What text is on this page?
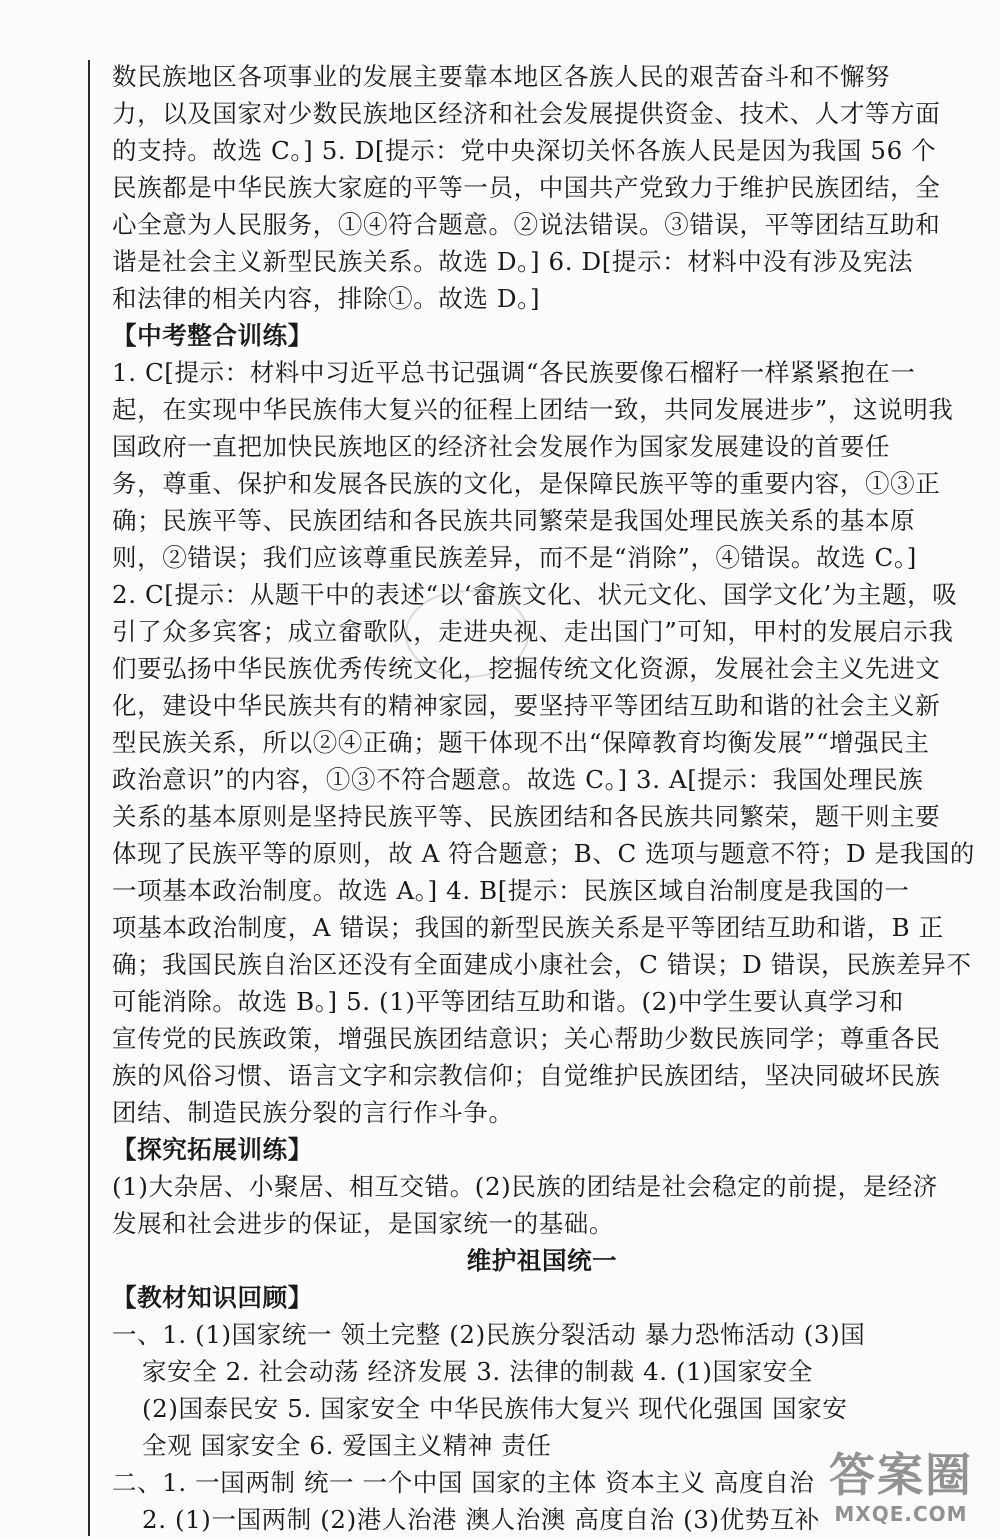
数民族地区各项事业的发展主要靠本地区各族人民的艰苦奋斗和不懈努
力，以及国家对少数民族地区经济和社会发展提供资金、技术、人才等方面
的支持。故选 C。] 5. D[提示：党中央深切关怀各族人民是因为我国 56 个
民族都是中华民族大家庭的平等一员，中国共产党致力于维护民族团结，全
心全意为人民服务，①④符合题意。②说法错误。③错误，平等团结互助和
谐是社会主义新型民族关系。故选 D。] 6. D[提示：材料中没有涉及宪法
和法律的相关内容，排除①。故选 D。]
【中考整合训练】
1. C[提示：材料中习近平总书记强调“各民族要像石榴籽一样紧紧抱在一
起，在实现中华民族伟大复兴的征程上团结一致，共同发展进步”，这说明我
国政府一直把加快民族地区的经济社会发展作为国家发展建设的首要任
务，尊重、保护和发展各民族的文化，是保障民族平等的重要内容，①③正
确；民族平等、民族团结和各民族共同繁荣是我国处理民族关系的基本原
则，②错误；我们应该尊重民族差异，而不是“消除”，④错误。故选 C。]
2. C[提示：从题干中的表述“以‘畲族文化、状元文化、国学文化’为主题，吸
引了众多宾客；成立畲歌队，走进央视、走出国门”可知，甲村的发展启示我
们要弘扬中华民族优秀传统文化，挖掘传统文化资源，发展社会主义先进文
化，建设中华民族共有的精神家园，要坚持平等团结互助和谐的社会主义新
型民族关系，所以②④正确；题干体现不出“保障教育均衡发展”“增强民主
政治意识”的内容，①③不符合题意。故选 C。] 3. A[提示：我国处理民族
关系的基本原则是坚持民族平等、民族团结和各民族共同繁荣，题干则主要
体现了民族平等的原则，故 A 符合题意；B、C 选项与题意不符；D 是我国的
一项基本政治制度。故选 A。] 4. B[提示：民族区域自治制度是我国的一
项基本政治制度，A 错误；我国的新型民族关系是平等团结互助和谐，B 正
确；我国民族自治区还没有全面建成小康社会，C 错误；D 错误，民族差异不
可能消除。故选 B。] 5. (1)平等团结互助和谐。(2)中学生要认真学习和
宣传党的民族政策，增强民族团结意识；关心帮助少数民族同学；尊重各民
族的风俗习惯、语言文字和宗教信仰；自觉维护民族团结，坚决同破坏民族
团结、制造民族分裂的言行作斗争。
【探究拓展训练】
(1)大杂居、小聚居、相互交错。(2)民族的团结是社会稳定的前提，是经济
发展和社会进步的保证，是国家统一的基础。
维护祖国统一
【教材知识回顾】
一、1. (1)国家统一 领土完整 (2)民族分裂活动 暴力恐怖活动 (3)国
家安全 2. 社会动荡 经济发展 3. 法律的制裁 4. (1)国家安全
(2)国泰民安 5. 国家安全 中华民族伟大复兴 现代化强国 国家安
全观 国家安全 6. 爱国主义精神 责任
二、1. 一国两制 统一 一个中国 国家的主体 资本主义 高度自治
2. (1)一国两制 (2)港人治港 澳人治澳 高度自治 (3)优势互补
答案圈
MXQE.COM
